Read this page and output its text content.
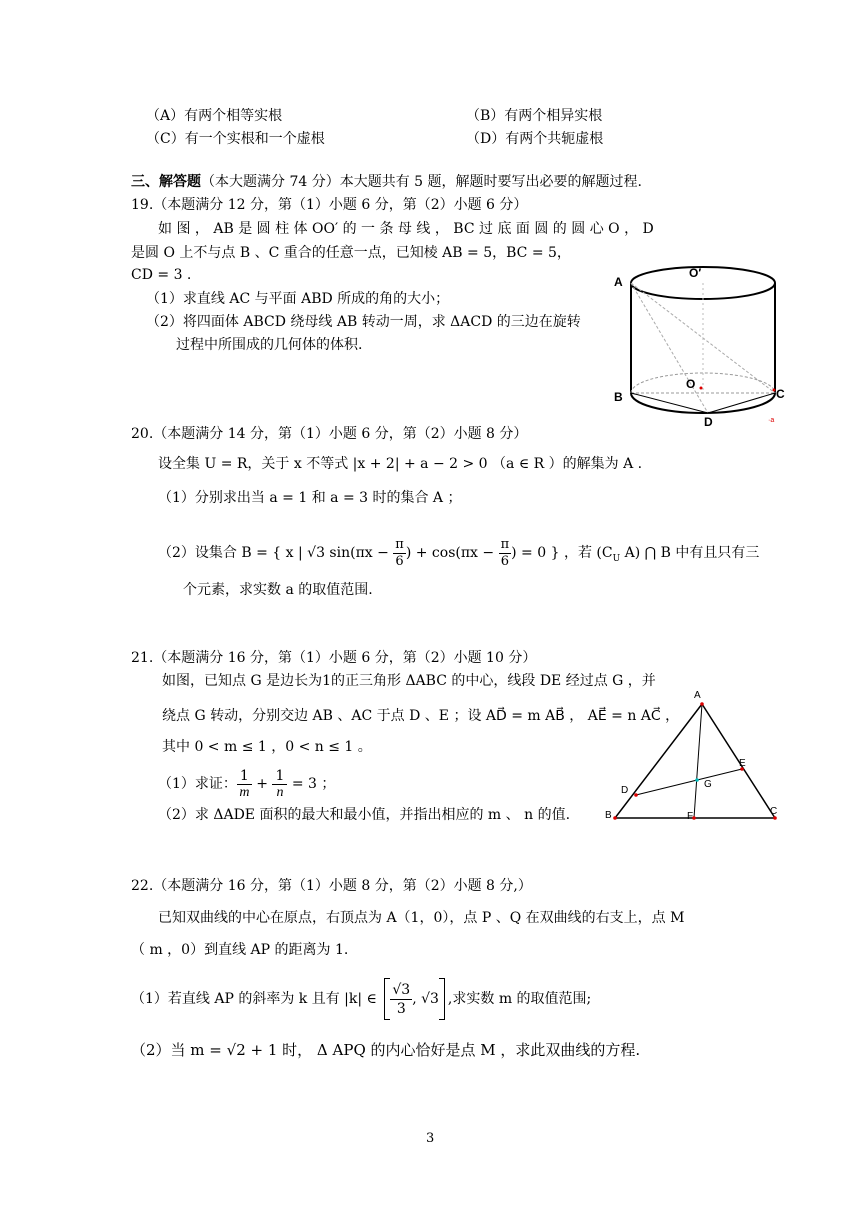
（A）有两个相等实根	（B）有两个相异实根
（C）有一个实根和一个虚根	（D）有两个共轭虚根
三、解答题（本大题满分 74 分）本大题共有 5 题，解题时要写出必要的解题过程.
19.（本题满分 12 分，第（1）小题 6 分，第（2）小题 6 分）
如 图 ， AB 是 圆 柱 体 OO′ 的 一 条 母 线 ， BC 过 底 面 圆 的 圆 心 O ， D
是圆 O 上不与点 B 、C 重合的任意一点，已知棱 AB = 5，BC = 5，
CD = 3 .
（1）求直线 AC 与平面 ABD 所成的角的大小；
（2）将四面体 ABCD 绕母线 AB 转动一周，求 ΔACD 的三边在旋转
过程中所围成的几何体的体积.
A
O′
O
B	C
D	·a
20.（本题满分 14 分，第（1）小题 6 分，第（2）小题 8 分）
设全集 U = R，关于 x 不等式 |x + 2| + a − 2 > 0 （a ∈ R ）的解集为 A .
（1）分别求出当 a = 1 和 a = 3 时的集合 A ；
（2）设集合 B = { x | √3 $\sin(\pi x - \frac{\pi}{6}$ ) + $\cos(\pi x - \frac{\pi}{6}$ ) = 0 } ，若 ($C_U$ A) ⋂ B 中有且只有三
个元素，求实数 a 的取值范围.
21.（本题满分 16 分，第（1）小题 6 分，第（2）小题 10 分）
如图，已知点 G 是边长为1的正三角形 ΔABC 的中心，线段 DE 经过点 G ，并
绕点 G 转动，分别交边 AB 、AC 于点 D 、E ；设 AD⃗ = m AB⃗ ， AE⃗ = n AC⃗ ，
其中 0 < m ≤ 1 ，0 < n ≤ 1 。
（1）求证： $\frac{1}{m} + \frac{1}{n} = 3$ ；
（2）求 ΔADE 面积的最大和最小值，并指出相应的 m 、 n 的值.
A
B	C
D
E
F
G
22.（本题满分 16 分，第（1）小题 8 分，第（2）小题 8 分,）
已知双曲线的中心在原点，右顶点为 A（1，0），点 P 、Q 在双曲线的右支上，点 M
（ m ，0）到直线 AP 的距离为 1.
（1）若直线 AP 的斜率为 k 且有 |k| ∈ $\frac{√3}{3}$ , √3 ,求实数 m 的取值范围;
（2）当 m = √2 + 1 时， Δ APQ 的内心恰好是点 M ，求此双曲线的方程.
3
